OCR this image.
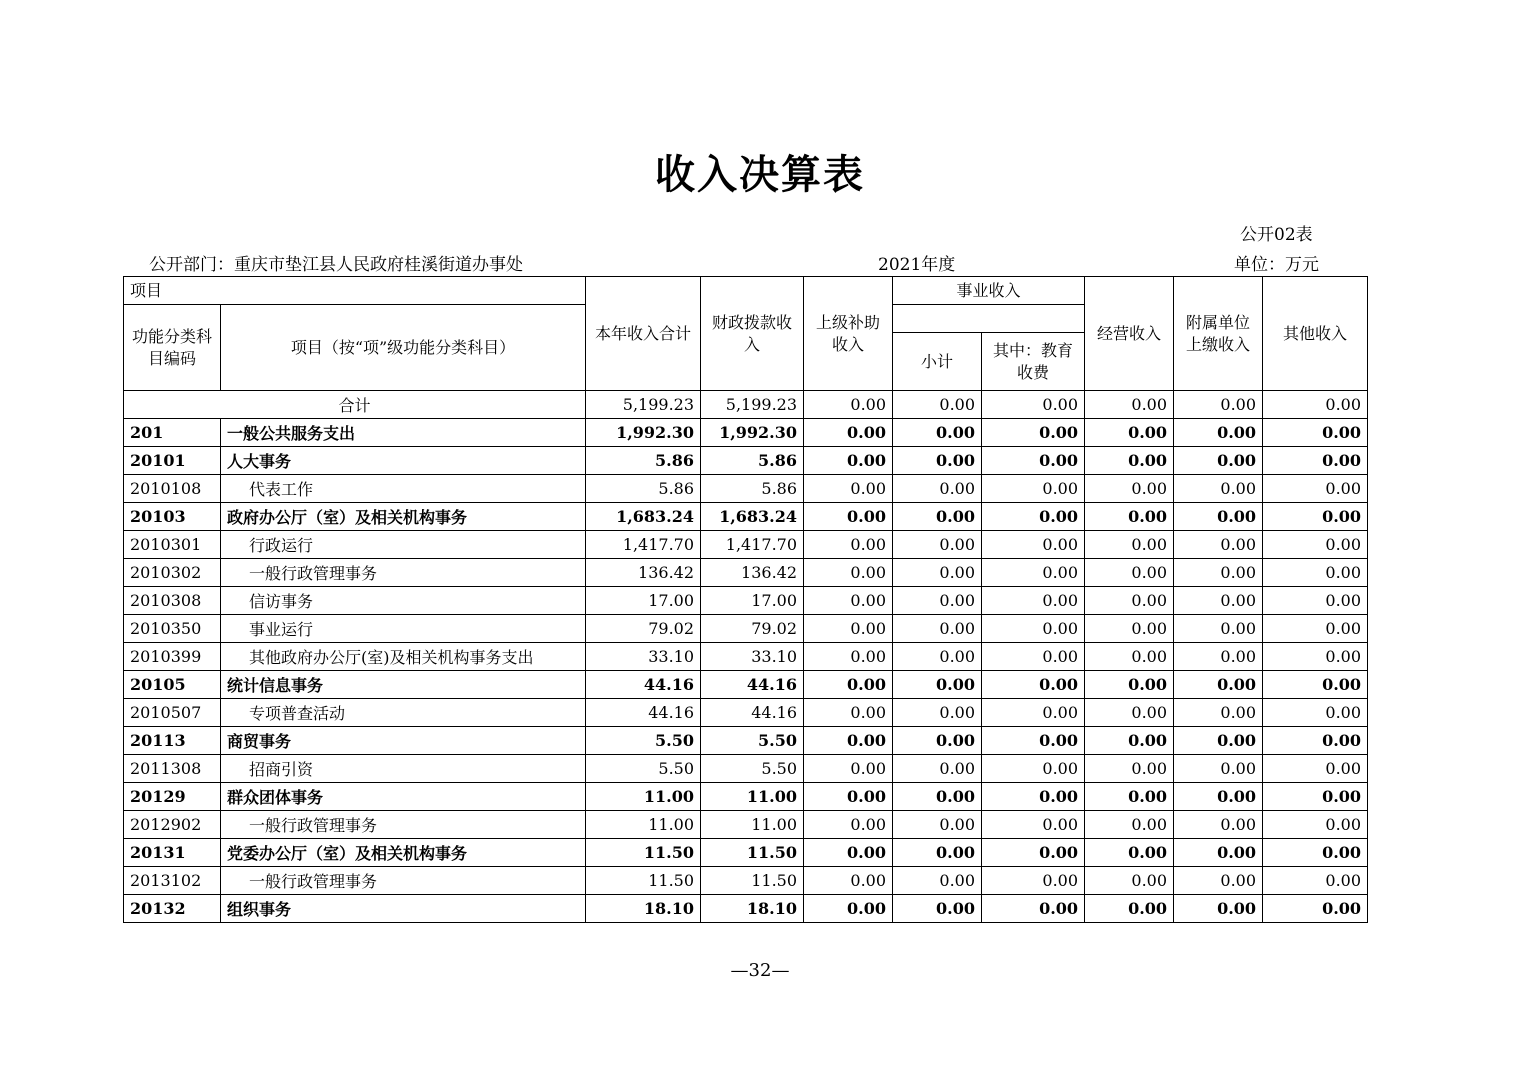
收入决算表
公开02表
公开部门：重庆市垫江县人民政府桂溪街道办事处	2021年度	单位：万元
项目		本年收入合计	财政拨款收入	上级补助收入	事业收入		经营收入	附属单位上缴收入	其他收入
功能分类科目编码	项目（按“项”级功能分类科目）								
					小计	其中：教育收费			
合计		5,199.23	5,199.23	0.00	0.00	0.00	0.00	0.00	0.00
201	一般公共服务支出	1,992.30	1,992.30	0.00	0.00	0.00	0.00	0.00	0.00
20101	人大事务	5.86	5.86	0.00	0.00	0.00	0.00	0.00	0.00
2010108	代表工作	5.86	5.86	0.00	0.00	0.00	0.00	0.00	0.00
20103	政府办公厅（室）及相关机构事务	1,683.24	1,683.24	0.00	0.00	0.00	0.00	0.00	0.00
2010301	行政运行	1,417.70	1,417.70	0.00	0.00	0.00	0.00	0.00	0.00
2010302	一般行政管理事务	136.42	136.42	0.00	0.00	0.00	0.00	0.00	0.00
2010308	信访事务	17.00	17.00	0.00	0.00	0.00	0.00	0.00	0.00
2010350	事业运行	79.02	79.02	0.00	0.00	0.00	0.00	0.00	0.00
2010399	其他政府办公厅(室)及相关机构事务支出	33.10	33.10	0.00	0.00	0.00	0.00	0.00	0.00
20105	统计信息事务	44.16	44.16	0.00	0.00	0.00	0.00	0.00	0.00
2010507	专项普查活动	44.16	44.16	0.00	0.00	0.00	0.00	0.00	0.00
20113	商贸事务	5.50	5.50	0.00	0.00	0.00	0.00	0.00	0.00
2011308	招商引资	5.50	5.50	0.00	0.00	0.00	0.00	0.00	0.00
20129	群众团体事务	11.00	11.00	0.00	0.00	0.00	0.00	0.00	0.00
2012902	一般行政管理事务	11.00	11.00	0.00	0.00	0.00	0.00	0.00	0.00
20131	党委办公厅（室）及相关机构事务	11.50	11.50	0.00	0.00	0.00	0.00	0.00	0.00
2013102	一般行政管理事务	11.50	11.50	0.00	0.00	0.00	0.00	0.00	0.00
20132	组织事务	18.10	18.10	0.00	0.00	0.00	0.00	0.00	0.00
—32—
